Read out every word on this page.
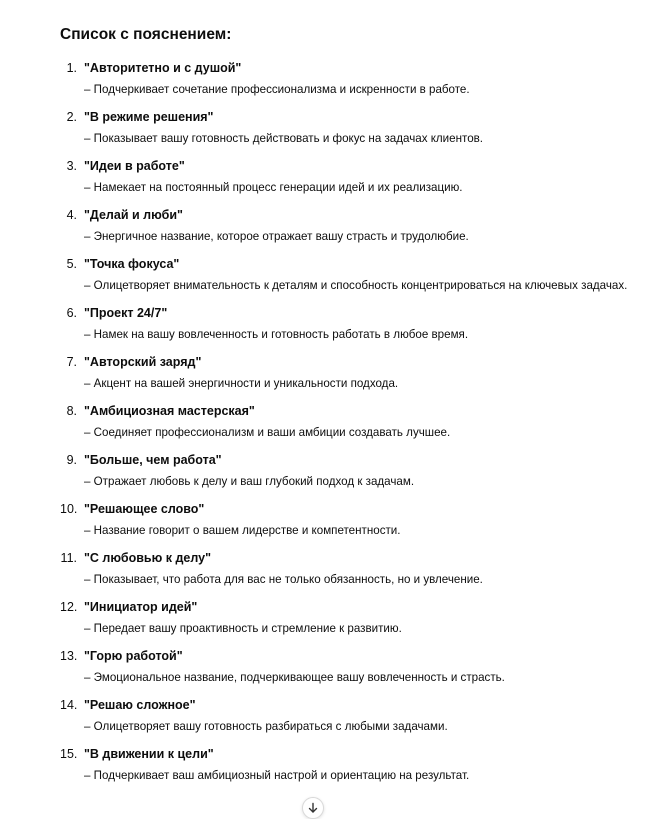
Список с пояснением:
1. "Авторитетно и с душой"
– Подчеркивает сочетание профессионализма и искренности в работе.
2. "В режиме решения"
– Показывает вашу готовность действовать и фокус на задачах клиентов.
3. "Идеи в работе"
– Намекает на постоянный процесс генерации идей и их реализацию.
4. "Делай и люби"
– Энергичное название, которое отражает вашу страсть и трудолюбие.
5. "Точка фокуса"
– Олицетворяет внимательность к деталям и способность концентрироваться на ключевых задачах.
6. "Проект 24/7"
– Намек на вашу вовлеченность и готовность работать в любое время.
7. "Авторский заряд"
– Акцент на вашей энергичности и уникальности подхода.
8. "Амбициозная мастерская"
– Соединяет профессионализм и ваши амбиции создавать лучшее.
9. "Больше, чем работа"
– Отражает любовь к делу и ваш глубокий подход к задачам.
10. "Решающее слово"
– Название говорит о вашем лидерстве и компетентности.
11. "С любовью к делу"
– Показывает, что работа для вас не только обязанность, но и увлечение.
12. "Инициатор идей"
– Передает вашу проактивность и стремление к развитию.
13. "Горю работой"
– Эмоциональное название, подчеркивающее вашу вовлеченность и страсть.
14. "Решаю сложное"
– Олицетворяет вашу готовность разбираться с любыми задачами.
15. "В движении к цели"
– Подчеркивает ваш амбициозный настрой и ориентацию на результат.
